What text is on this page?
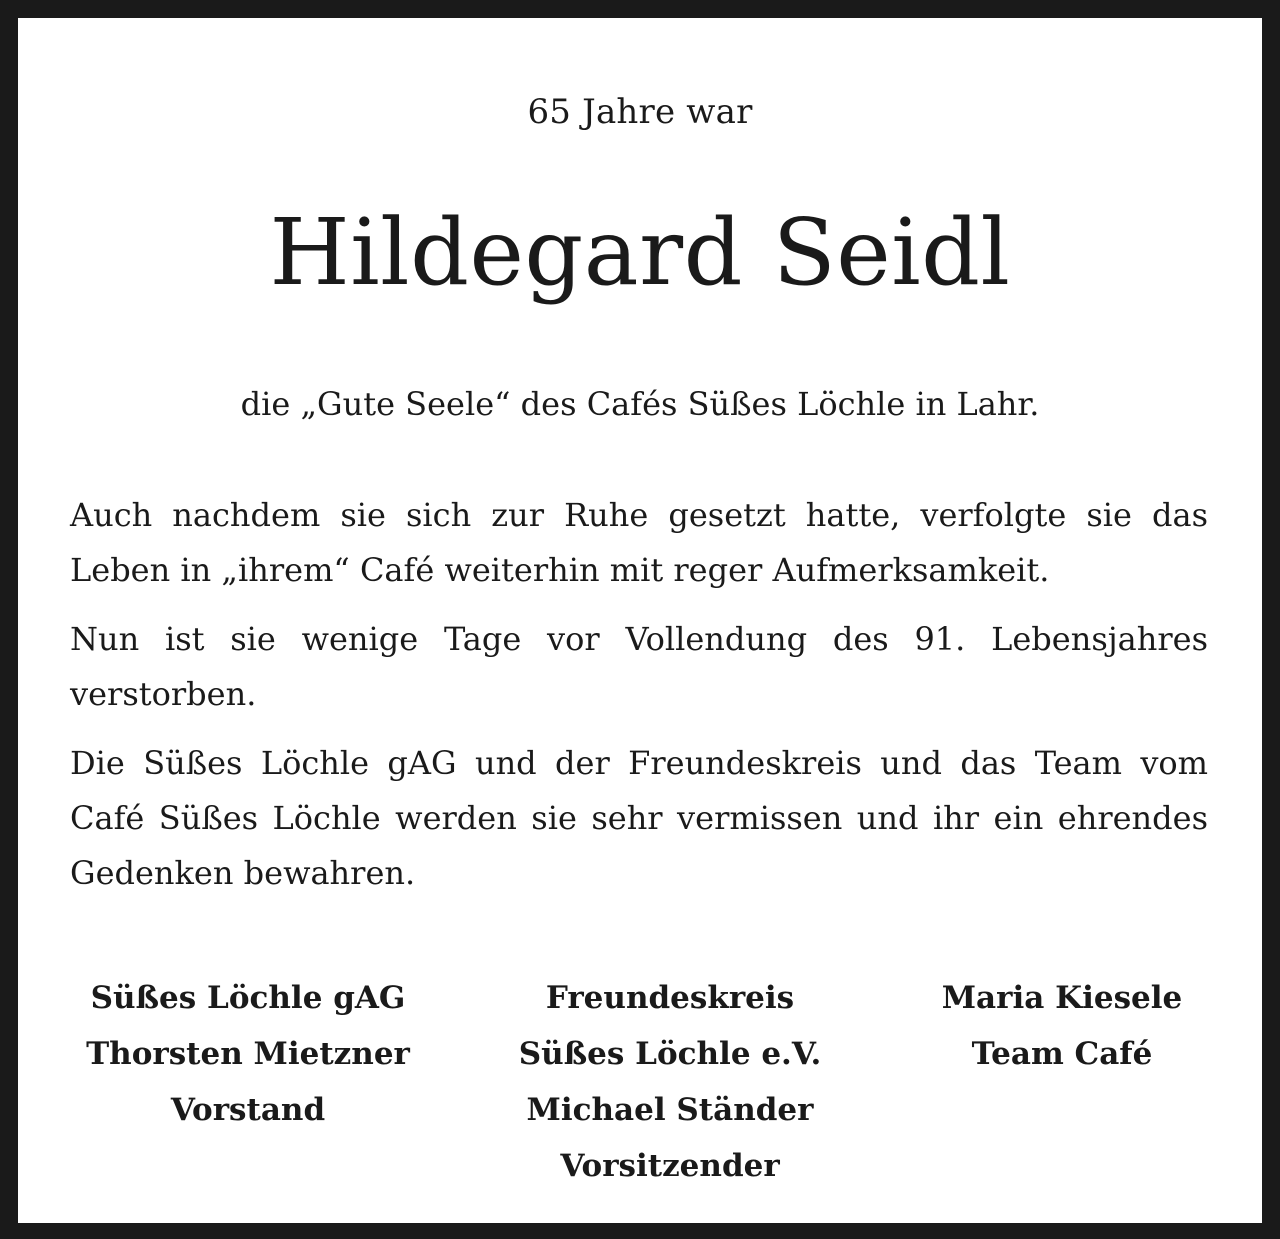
65 Jahre war
Hildegard Seidl
die „Gute Seele“ des Cafés Süßes Löchle in Lahr.

Auch nachdem sie sich zur Ruhe gesetzt hatte, verfolgte sie das Leben in „ihrem“ Café weiterhin mit reger Aufmerksamkeit.

Nun ist sie wenige Tage vor Vollendung des 91. Lebensjahres verstorben.

Die Süßes Löchle gAG und der Freundeskreis und das Team vom Café Süßes Löchle werden sie sehr vermissen und ihr ein ehrendes Gedenken bewahren.

Süßes Löchle gAG
Thorsten Mietzner
Vorstand
Freundeskreis
Süßes Löchle e.V.
Michael Ständer
Vorsitzender
Maria Kiesele
Team Café
